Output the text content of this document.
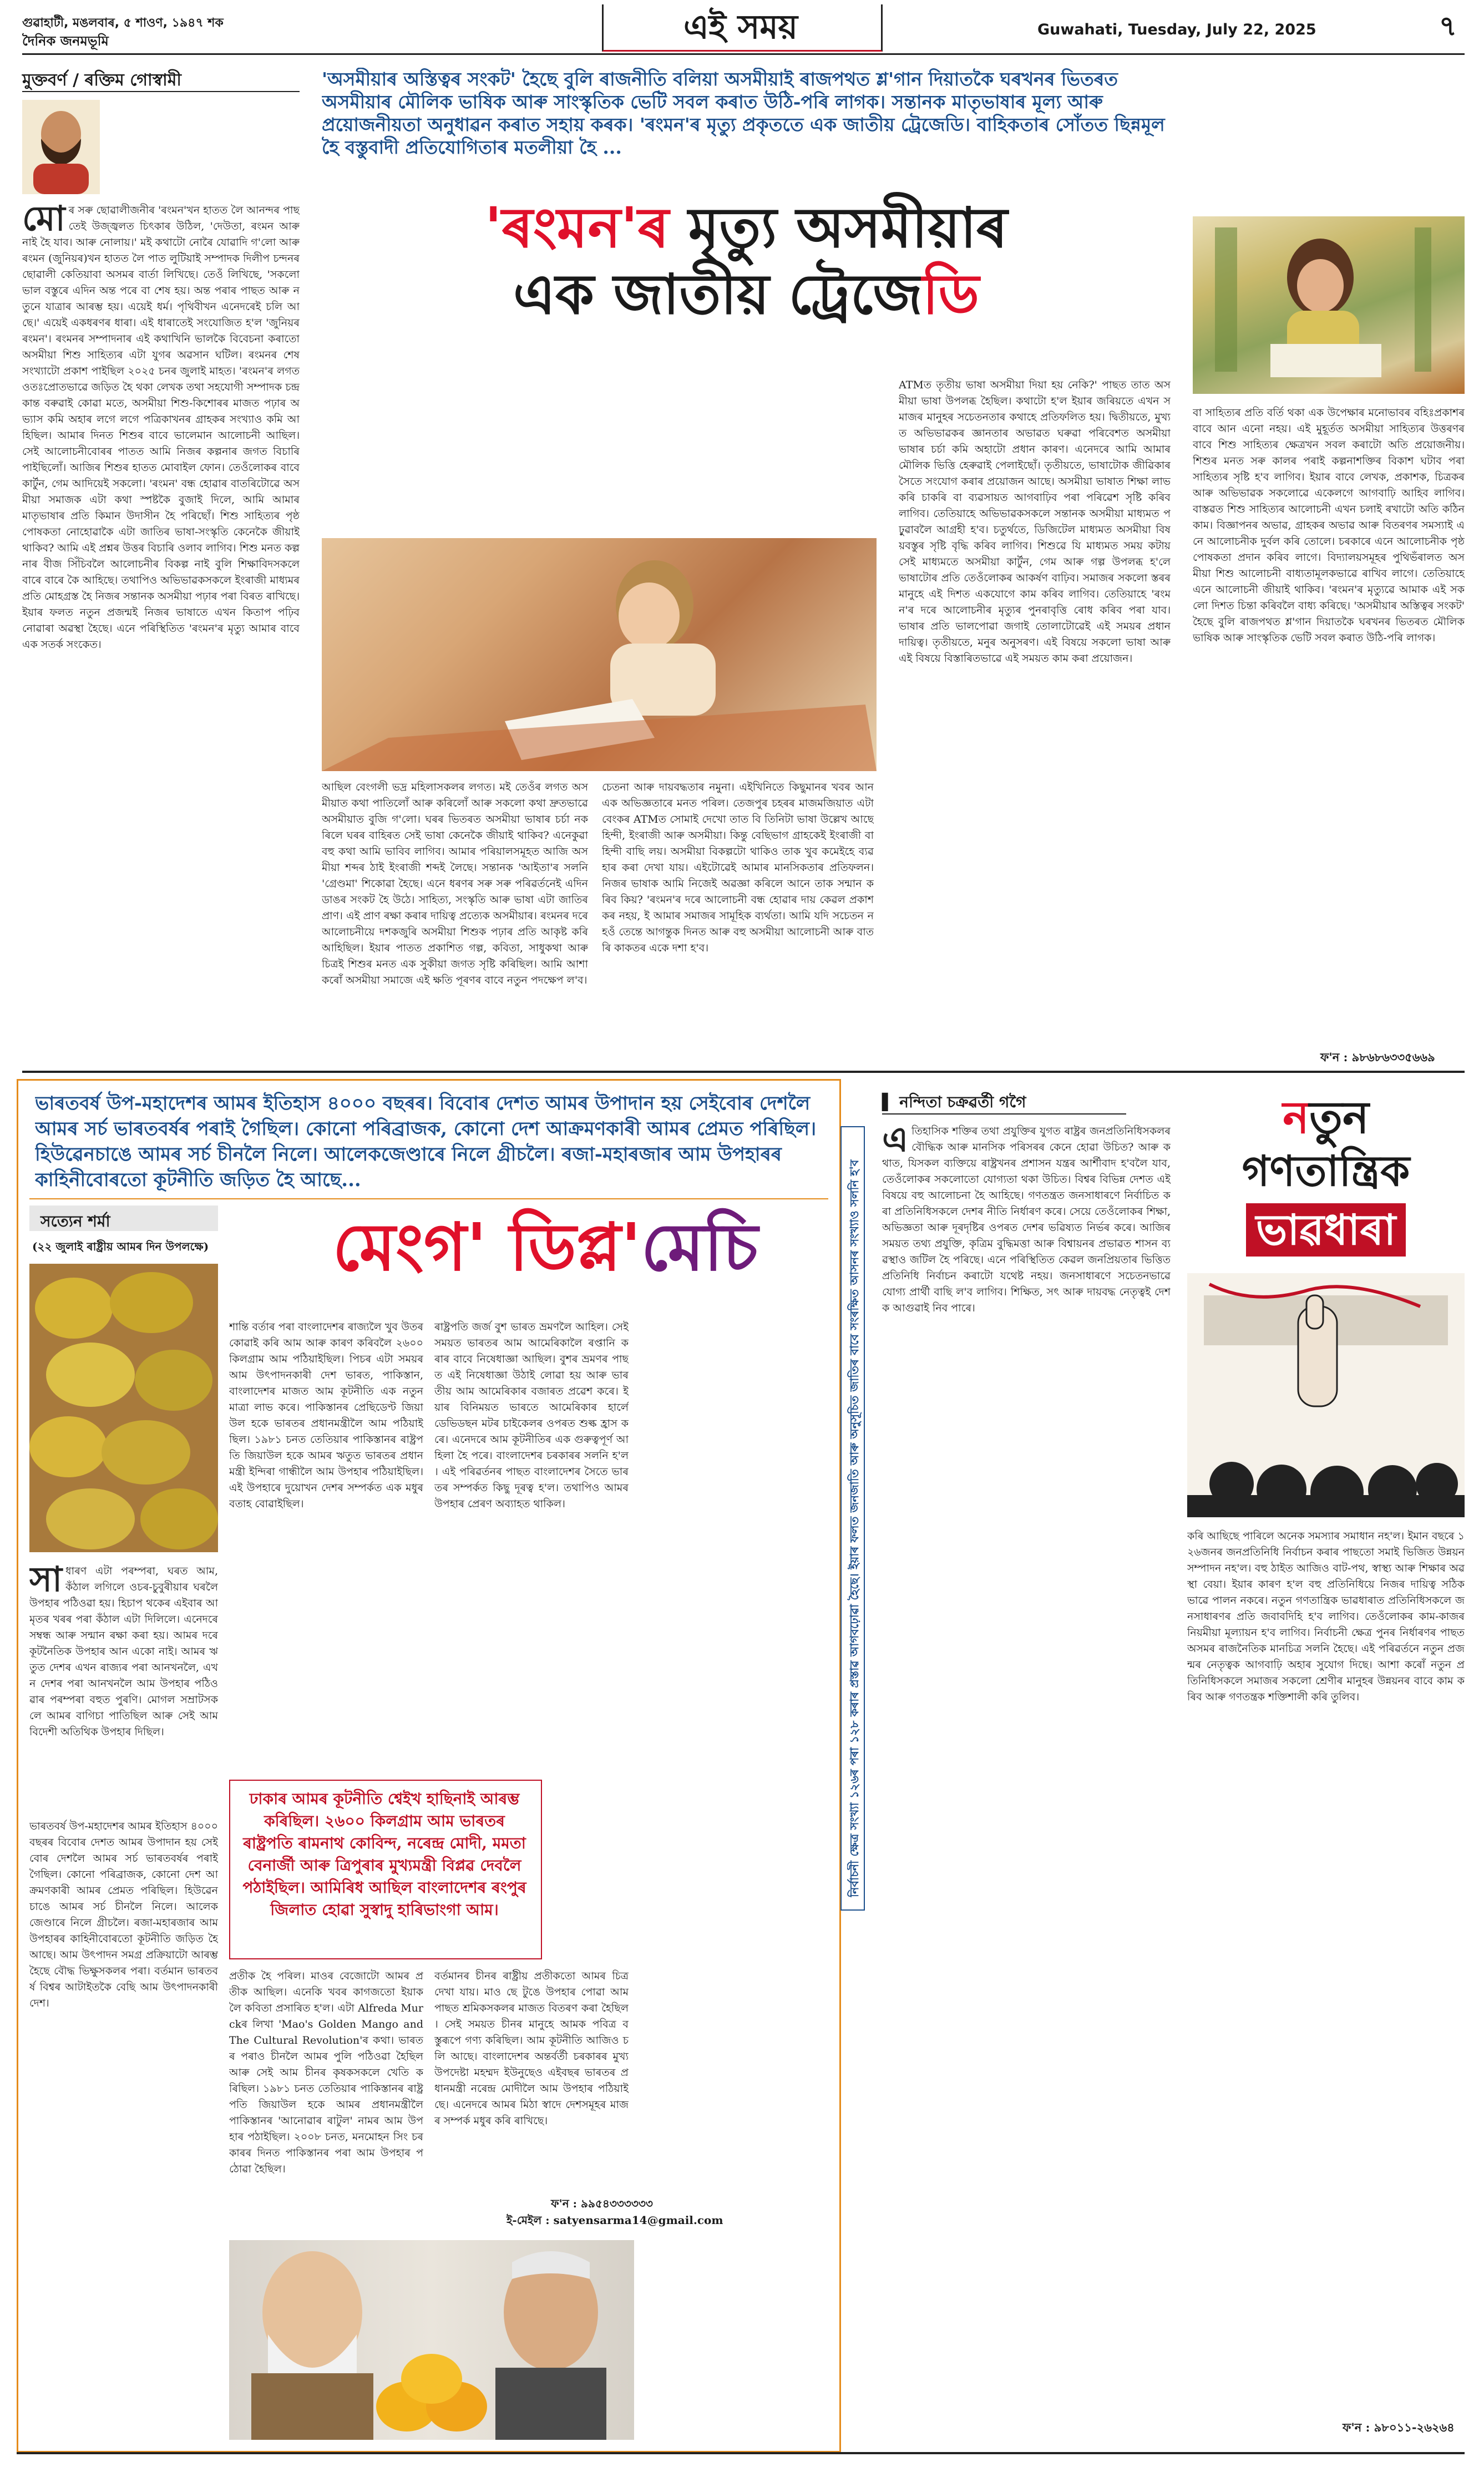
গুৱাহাটী, মঙলবাৰ, ৫ শাওণ, ১৯৪৭ শক
দৈনিক জনমভূমি	এই সময়	Guwahati, Tuesday, July 22, 2025	৭
মুক্তবৰ্ণ / ৰক্তিম গোস্বামী	'অসমীয়াৰ অস্তিত্বৰ সংকট' হৈছে বুলি ৰাজনীতি বলিয়া অসমীয়াই ৰাজপথত শ্ল'গান দিয়াতকৈ ঘৰখনৰ ভিতৰত অসমীয়াৰ মৌলিক ভাষিক আৰু সাংস্কৃতিক ভেটি সবল কৰাত উঠি-পৰি লাগক। সন্তানক মাতৃভাষাৰ মূল্য আৰু প্ৰয়োজনীয়তা অনুধাৱন কৰাত সহায় কৰক। 'ৰংমন'ৰ মৃত্যু প্ৰকৃততে এক জাতীয় ট্ৰেজেডি। বাহিকতাৰ সোঁতত ছিন্নমূল হৈ বস্তুবাদী প্ৰতিযোগিতাৰ মতলীয়া হৈ ...
'ৰংমন'ৰ মৃত্যু অসমীয়াৰ
এক জাতীয় ট্ৰেজেডি
মোৰ সৰু ছোৱালীজনীৰ 'ৰংমন'খন হাতত লৈ আনন্দৰ পাছতেই উজ্জ্বলত চিৎকাৰ উঠিল, 'দেউতা, ৰংমন আৰু নাই হৈ যাব। আৰু নোলায়।' মই কথাটো নোৰৈ যোৱাদি গ'লো আৰু ৰংমন (জুনিয়ৰ)খন হাতত লৈ পাত লুটিয়াই সম্পাদক দিলীপ চন্দনৰ ছোৱালী কেতিয়াবা অসমৰ বাৰ্তা লিখিছে। তেওঁ লিখিছে, 'সকলো ভাল বস্তুৰে এদিন অন্ত পৰে বা শেষ হয়। অন্ত পৰাৰ পাছত আৰু নতুনে যাত্ৰাৰ আৰম্ভ হয়। এয়েই ধৰ্ম। পৃথিবীখন এনেদৰেই চলি আছে।' এয়েই একধৰণৰ ধাৰা। এই ধাৰাতেই সংযোজিত হ'ল 'জুনিয়ৰ ৰংমন'। ৰংমনৰ সম্পাদনাৰ এই কথাখিনি ভালকৈ বিবেচনা কৰাতো অসমীয়া শিশু সাহিত্যৰ এটা যুগৰ অৱসান ঘটিল। ৰংমনৰ শেষ সংখ্যাটো প্ৰকাশ পাইছিল ২০২৫ চনৰ জুলাই মাহত। 'ৰংমন'ৰ লগত ওতঃপ্ৰোতভাৱে জড়িত হৈ থকা লেখক তথা সহযোগী সম্পাদক চন্দ্ৰকান্ত বৰুৱাই কোৱা মতে, অসমীয়া শিশু-কিশোৰৰ মাজত পঢ়াৰ অভ্যাস কমি অহাৰ লগে লগে পত্ৰিকাখনৰ গ্ৰাহকৰ সংখ্যাও কমি আহিছিল। আমাৰ দিনত শিশুৰ বাবে ভালেমান আলোচনী আছিল। সেই আলোচনীবোৰৰ পাতত আমি নিজৰ কল্পনাৰ জগত বিচাৰি পাইছিলোঁ। আজিৰ শিশুৰ হাতত মোবাইল ফোন। তেওঁলোকৰ বাবে কাৰ্টুন, গেম আদিয়েই সকলো। 'ৰংমন' বন্ধ হোৱাৰ বাতৰিটোৱে অসমীয়া সমাজক এটা কথা স্পষ্টকৈ বুজাই দিলে, আমি আমাৰ মাতৃভাষাৰ প্ৰতি কিমান উদাসীন হৈ পৰিছোঁ। শিশু সাহিত্যৰ পৃষ্ঠপোষকতা নোহোৱাকৈ এটা জাতিৰ ভাষা-সংস্কৃতি কেনেকৈ জীয়াই থাকিব? আমি এই প্ৰশ্নৰ উত্তৰ বিচাৰি ওলাব লাগিব। শিশু মনত কল্পনাৰ বীজ সিঁচিবলৈ আলোচনীৰ বিকল্প নাই বুলি শিক্ষাবিদসকলে বাৰে বাৰে কৈ আহিছে। তথাপিও অভিভাৱকসকলে ইংৰাজী মাধ্যমৰ প্ৰতি মোহগ্ৰস্ত হৈ নিজৰ সন্তানক অসমীয়া পঢ়াৰ পৰা বিৰত ৰাখিছে। ইয়াৰ ফলত নতুন প্ৰজন্মই নিজৰ ভাষাতে এখন কিতাপ পঢ়িব নোৱাৰা অৱস্থা হৈছে। এনে পৰিস্থিতিত 'ৰংমন'ৰ মৃত্যু আমাৰ বাবে এক সতৰ্ক সংকেত।
আছিল বেংগলী ভদ্ৰ মহিলাসকলৰ লগত। মই তেওঁৰ লগত অসমীয়াত কথা পাতিলোঁ আৰু কৰিলোঁ আৰু সকলো কথা দ্ৰুতভাৱে অসমীয়াত বুজি গ'লো। ঘৰৰ ভিতৰত অসমীয়া ভাষাৰ চৰ্চা নকৰিলে ঘৰৰ বাহিৰত সেই ভাষা কেনেকৈ জীয়াই থাকিব? এনেকুৱা বহু কথা আমি ভাবিব লাগিব। আমাৰ পৰিয়ালসমূহত আজি অসমীয়া শব্দৰ ঠাই ইংৰাজী শব্দই লৈছে। সন্তানক 'আইতা'ৰ সলনি 'গ্ৰেণ্ডমা' শিকোৱা হৈছে। এনে ধৰণৰ সৰু সৰু পৰিৱৰ্তনেই এদিন ডাঙৰ সংকট হৈ উঠে। সাহিত্য, সংস্কৃতি আৰু ভাষা এটা জাতিৰ প্ৰাণ। এই প্ৰাণ ৰক্ষা কৰাৰ দায়িত্ব প্ৰত্যেক অসমীয়াৰ। ৰংমনৰ দৰে আলোচনীয়ে দশকজুৰি অসমীয়া শিশুক পঢ়াৰ প্ৰতি আকৃষ্ট কৰি আহিছিল। ইয়াৰ পাতত প্ৰকাশিত গল্প, কবিতা, সাধুকথা আৰু চিত্ৰই শিশুৰ মনত এক সুকীয়া জগত সৃষ্টি কৰিছিল। আমি আশা কৰোঁ অসমীয়া সমাজে এই ক্ষতি পূৰণৰ বাবে নতুন পদক্ষেপ ল'ব।
চেতনা আৰু দায়বদ্ধতাৰ নমুনা। এইখিনিতে কিছুমানৰ খবৰ আন এক অভিজ্ঞতাৰে মনত পৰিল। তেজপুৰ চহৰৰ মাজমজিয়াত এটা বেংকৰ ATMত সোমাই দেখো তাত বি তিনিটা ভাষা উল্লেখ আছে হিন্দী, ইংৰাজী আৰু অসমীয়া। কিন্তু বেছিভাগ গ্ৰাহকেই ইংৰাজী বা হিন্দী বাছি লয়। অসমীয়া বিকল্পটো থাকিও তাক খুব কমেইহে ব্যৱহাৰ কৰা দেখা যায়। এইটোৱেই আমাৰ মানসিকতাৰ প্ৰতিফলন। নিজৰ ভাষাক আমি নিজেই অৱজ্ঞা কৰিলে আনে তাক সন্মান কৰিব কিয়? 'ৰংমন'ৰ দৰে আলোচনী বন্ধ হোৱাৰ দায় কেৱল প্ৰকাশকৰ নহয়, ই আমাৰ সমাজৰ সামূহিক ব্যৰ্থতা। আমি যদি সচেতন নহওঁ তেন্তে আগন্তুক দিনত আৰু বহু অসমীয়া আলোচনী আৰু বাতৰি কাকতৰ একে দশা হ'ব।
ATMত তৃতীয় ভাষা অসমীয়া দিয়া হয় নেকি?' পাছত তাত অসমীয়া ভাষা উপলব্ধ হৈছিল। কথাটো হ'ল ইয়াৰ জৰিয়তে এখন সমাজৰ মানুহৰ সচেতনতাৰ কথাহে প্ৰতিফলিত হয়। দ্বিতীয়তে, মুখ্যত অভিভাৱকৰ জ্ঞানতাৰ অভাৱত ঘৰুৱা পৰিবেশত অসমীয়া ভাষাৰ চৰ্চা কমি অহাটো প্ৰধান কাৰণ। এনেদৰে আমি আমাৰ মৌলিক ভিত্তি হেৰুৱাই পেলাইছোঁ। তৃতীয়তে, ভাষাটোক জীৱিকাৰ সৈতে সংযোগ কৰাৰ প্ৰয়োজন আছে। অসমীয়া ভাষাত শিক্ষা লাভ কৰি চাকৰি বা ব্যৱসায়ত আগবাঢ়িব পৰা পৰিৱেশ সৃষ্টি কৰিব লাগিব। তেতিয়াহে অভিভাৱকসকলে সন্তানক অসমীয়া মাধ্যমত পঢ়ুৱাবলৈ আগ্ৰহী হ'ব। চতুৰ্থতে, ডিজিটেল মাধ্যমত অসমীয়া বিষয়বস্তুৰ সৃষ্টি বৃদ্ধি কৰিব লাগিব। শিশুৱে যি মাধ্যমত সময় কটায় সেই মাধ্যমতে অসমীয়া কাৰ্টুন, গেম আৰু গল্প উপলব্ধ হ'লে ভাষাটোৰ প্ৰতি তেওঁলোকৰ আকৰ্ষণ বাঢ়িব। সমাজৰ সকলো স্তৰৰ মানুহে এই দিশত একযোগে কাম কৰিব লাগিব। তেতিয়াহে 'ৰংমন'ৰ দৰে আলোচনীৰ মৃত্যুৰ পুনৰাবৃত্তি ৰোধ কৰিব পৰা যাব। ভাষাৰ প্ৰতি ভালপোৱা জগাই তোলাটোৱেই এই সময়ৰ প্ৰধান দায়িত্ব। তৃতীয়তে, মনুৰ অনুসৰণ। এই বিষয়ে সকলো ভাষা আৰু এই বিষয়ে বিস্তাৰিতভাৱে এই সময়ত কাম কৰা প্ৰয়োজন।
বা সাহিত্যৰ প্ৰতি বৰ্তি থকা এক উপেক্ষাৰ মনোভাবৰ বহিঃপ্ৰকাশৰ বাবে আন এনো নহয়। এই মুহূৰ্তত অসমীয়া সাহিত্যৰ উত্তৰণৰ বাবে শিশু সাহিত্যৰ ক্ষেত্ৰখন সবল কৰাটো অতি প্ৰয়োজনীয়। শিশুৰ মনত সৰু কালৰ পৰাই কল্পনাশক্তিৰ বিকাশ ঘটাব পৰা সাহিত্যৰ সৃষ্টি হ'ব লাগিব। ইয়াৰ বাবে লেখক, প্ৰকাশক, চিত্ৰকৰ আৰু অভিভাৱক সকলোৱে একেলগে আগবাঢ়ি আহিব লাগিব। বাস্তৱত শিশু সাহিত্যৰ আলোচনী এখন চলাই ৰখাটো অতি কঠিন কাম। বিজ্ঞাপনৰ অভাৱ, গ্ৰাহকৰ অভাৱ আৰু বিতৰণৰ সমস্যাই এনে আলোচনীক দুৰ্বল কৰি তোলে। চৰকাৰে এনে আলোচনীক পৃষ্ঠপোষকতা প্ৰদান কৰিব লাগে। বিদ্যালয়সমূহৰ পুথিভঁৰালত অসমীয়া শিশু আলোচনী বাধ্যতামূলকভাৱে ৰাখিব লাগে। তেতিয়াহে এনে আলোচনী জীয়াই থাকিব। 'ৰংমন'ৰ মৃত্যুৱে আমাক এই সকলো দিশত চিন্তা কৰিবলৈ বাধ্য কৰিছে। 'অসমীয়াৰ অস্তিত্বৰ সংকট' হৈছে বুলি ৰাজপথত শ্ল'গান দিয়াতকৈ ঘৰখনৰ ভিতৰত মৌলিক ভাষিক আৰু সাংস্কৃতিক ভেটি সবল কৰাত উঠি-পৰি লাগক।
ফ'ন : ৯৮৬৮৬৩৩৫৬৬৯
ভাৰতবৰ্ষ উপ-মহাদেশৰ আমৰ ইতিহাস ৪০০০ বছৰৰ। বিবোৰ দেশত আমৰ উপাদান হয় সেইবোৰ দেশলৈ আমৰ সৰ্চ ভাৰতবৰ্ষৰ পৰাই গৈছিল। কোনো পৰিব্ৰাজক, কোনো দেশ আক্ৰমণকাৰী আমৰ প্ৰেমত পৰিছিল। হিউৱেনচাঙে আমৰ সৰ্চ চীনলৈ নিলে। আলেকজেণ্ডাৰে নিলে গ্ৰীচলৈ। ৰজা-মহাৰজাৰ আম উপহাৰৰ কাহিনীবোৰতো কূটনীতি জড়িত হৈ আছে...
সত্যেন শৰ্মা
(২২ জুলাই ৰাষ্ট্ৰীয় আমৰ দিন উপলক্ষে)	মেংগ' ডিপ্ল'মেচি
সাধাৰণ এটা পৰম্পৰা, ঘৰত আম, কঁঠাল লগিলে ওচৰ-চুবুৰীয়াৰ ঘৰলৈ উপহাৰ পঠিওৱা হয়। হিচাপ থকেৰ এইবাৰ আমৃতৰ খৰৰ পৰা কঁঠাল এটা দিলিলে। এনেদৰে সম্বন্ধ আৰু সন্মান ৰক্ষা কৰা হয়। আমৰ দৰে কূটনৈতিক উপহাৰ আন একো নাই। আমৰ ঋতুত দেশৰ এখন ৰাজ্যৰ পৰা আনখনলৈ, এখন দেশৰ পৰা আনখনলৈ আম উপহাৰ পঠিওৱাৰ পৰম্পৰা বহুত পুৰণি। মোগল সম্ৰাটসকলে আমৰ বাগিচা পাতিছিল আৰু সেই আম বিদেশী অতিথিক উপহাৰ দিছিল।
ঢাকাৰ আমৰ কূটনীতি শ্বেইখ হাছিনাই আৰম্ভ কৰিছিল। ২৬০০ কিলগ্ৰাম আম ভাৰতৰ ৰাষ্ট্ৰপতি ৰামনাথ কোবিন্দ, নৰেন্দ্ৰ মোদী, মমতা বেনাৰ্জী আৰু ত্ৰিপুৰাৰ মুখ্যমন্ত্ৰী বিপ্লৱ দেবলৈ পঠাইছিল। আমিৰিধ আছিল বাংলাদেশৰ ৰংপুৰ জিলাত হোৱা সুস্বাদু হাৰিভাংগা আম।
ভাৰতবৰ্ষ উপ-মহাদেশৰ আমৰ ইতিহাস ৪০০০ বছৰৰ বিবোৰ দেশত আমৰ উপাদান হয় সেইবোৰ দেশলৈ আমৰ সৰ্চ ভাৰতবৰ্ষৰ পৰাই গৈছিল। কোনো পৰিব্ৰাজক, কোনো দেশ আক্ৰমণকাৰী আমৰ প্ৰেমত পৰিছিল। হিউৱেনচাঙে আমৰ সৰ্চ চীনলৈ নিলে। আলেকজেণ্ডাৰে নিলে গ্ৰীচলৈ। ৰজা-মহাৰজাৰ আম উপহাৰৰ কাহিনীবোৰতো কূটনীতি জড়িত হৈ আছে। আম উৎপাদন সমগ্ৰ প্ৰক্ৰিয়াটো আৰম্ভ হৈছে বৌদ্ধ ভিক্ষুসকলৰ পৰা। বৰ্তমান ভাৰতবৰ্ষ বিশ্বৰ আটাইতকৈ বেছি আম উৎপাদনকাৰী দেশ।
শান্তি বৰ্তাৰ পৰা বাংলাদেশৰ ৰাজ্যলৈ খুব উতৰ কোৱাই কৰি আম আৰু কাৰণ কৰিবলৈ ২৬০০ কিলগ্ৰাম আম পঠিয়াইছিল। পিচৰ এটা সময়ৰ আম উৎপাদনকাৰী দেশ ভাৰত, পাকিস্তান, বাংলাদেশৰ মাজত আম কূটনীতি এক নতুন মাত্ৰা লাভ কৰে। পাকিস্তানৰ প্ৰেছিডেণ্ট জিয়া উল হকে ভাৰতৰ প্ৰধানমন্ত্ৰীলৈ আম পঠিয়াইছিল। ১৯৮১ চনত তেতিয়াৰ পাকিস্তানৰ ৰাষ্ট্ৰপতি জিয়াউল হকে আমৰ ঋতুত ভাৰতৰ প্ৰধানমন্ত্ৰী ইন্দিৰা গান্ধীলৈ আম উপহাৰ পঠিয়াইছিল। এই উপহাৰে দুয়োখন দেশৰ সম্পৰ্কত এক মধুৰ বতাহ বোৱাইছিল।
ৰাষ্ট্ৰপতি জৰ্জ বুশ ভাৰত ভ্ৰমণলৈ আহিল। সেই সময়ত ভাৰতৰ আম আমেৰিকালৈ ৰপ্তানি কৰাৰ বাবে নিষেধাজ্ঞা আছিল। বুশৰ ভ্ৰমণৰ পাছত এই নিষেধাজ্ঞা উঠাই লোৱা হয় আৰু ভাৰতীয় আম আমেৰিকাৰ বজাৰত প্ৰৱেশ কৰে। ইয়াৰ বিনিময়ত ভাৰতে আমেৰিকাৰ হাৰ্লে ডেভিডছন মটৰ চাইকেলৰ ওপৰত শুল্ক হ্ৰাস কৰে। এনেদৰে আম কূটনীতিৰ এক গুৰুত্বপূৰ্ণ আহিলা হৈ পৰে। বাংলাদেশৰ চৰকাৰৰ সলনি হ'ল। এই পৰিৱৰ্তনৰ পাছত বাংলাদেশৰ সৈতে ভাৰতৰ সম্পৰ্কত কিছু দূৰত্ব হ'ল। তথাপিও আমৰ উপহাৰ প্ৰেৰণ অব্যাহত থাকিল।
প্ৰতীক হৈ পৰিল। মাওৰ বেজোটো আমৰ প্ৰতীক আছিল। এনেকি খবৰ কাগজতো ইয়াক লৈ কবিতা প্ৰসাৰিত হ'ল। এটা Alfreda Murckৰ লিখা 'Mao's Golden Mango and The Cultural Revolution'ৰ কথা। ভাৰতৰ পৰাও চীনলৈ আমৰ পুলি পঠিওৱা হৈছিল আৰু সেই আম চীনৰ কৃষকসকলে খেতি কৰিছিল। ১৯৮১ চনত তেতিয়াৰ পাকিস্তানৰ ৰাষ্ট্ৰপতি জিয়াউল হকে আমৰ প্ৰধানমন্ত্ৰীলৈ পাকিস্তানৰ 'আনোৱাৰ ৰাটুল' নামৰ আম উপহাৰ পঠাইছিল। ২০০৮ চনত, মনমোহন সিং চৰকাৰৰ দিনত পাকিস্তানৰ পৰা আম উপহাৰ পঠোৱা হৈছিল।
বৰ্তমানৰ চীনৰ ৰাষ্ট্ৰীয় প্ৰতীকতো আমৰ চিত্ৰ দেখা যায়। মাও ছে টুঙে উপহাৰ পোৱা আম পাছত শ্ৰমিকসকলৰ মাজত বিতৰণ কৰা হৈছিল। সেই সময়ত চীনৰ মানুহে আমক পবিত্ৰ বস্তুৰূপে গণ্য কৰিছিল। আম কূটনীতি আজিও চলি আছে। বাংলাদেশৰ অন্তৰ্বৰ্তী চৰকাৰৰ মুখ্য উপদেষ্টা মহম্মদ ইউনুছেও এইবছৰ ভাৰতৰ প্ৰধানমন্ত্ৰী নৰেন্দ্ৰ মোদীলৈ আম উপহাৰ পঠিয়াইছে। এনেদৰে আমৰ মিঠা স্বাদে দেশসমূহৰ মাজৰ সম্পৰ্ক মধুৰ কৰি ৰাখিছে।
ফ'ন : ৯৯৫৪৩৩৩৩৩৩
ই-মেইল : satyensarma14@gmail.com
নিৰ্বাচনী ক্ষেত্ৰ সংখ্যা ১২৬ৰ পৰা ১২৮ কৰাৰ প্ৰস্তাৱ আগবঢ়োৱা হৈছে। ইয়াৰ ফলত জনজাতি আৰু অনুসূচিত জাতিৰ বাবে সংৰক্ষিত আসনৰ সংখ্যাও সলনি হ'ব
▌ নন্দিতা চক্ৰৱৰ্তী গগৈ	নতুন
গণতান্ত্ৰিক
ভাৱধাৰা
এতিহাসিক শক্তিৰ তথা প্ৰযুক্তিৰ যুগত ৰাষ্ট্ৰৰ জনপ্ৰতিনিধিসকলৰ বৌদ্ধিক আৰু মানসিক পৰিসৰৰ কেনে হোৱা উচিত? আৰু কথাত, যিসকল ব্যক্তিয়ে ৰাষ্ট্ৰখনৰ প্ৰশাসন যন্ত্ৰৰ আৰ্শীবাদ হ'বলৈ যাব, তেওঁলোকৰ সকলোতো যোগ্যতা থকা উচিত। বিশ্বৰ বিভিন্ন দেশত এই বিষয়ে বহু আলোচনা হৈ আহিছে। গণতন্ত্ৰত জনসাধাৰণে নিৰ্বাচিত কৰা প্ৰতিনিধিসকলে দেশৰ নীতি নিৰ্ধাৰণ কৰে। সেয়ে তেওঁলোকৰ শিক্ষা, অভিজ্ঞতা আৰু দূৰদৃষ্টিৰ ওপৰত দেশৰ ভৱিষ্যত নিৰ্ভৰ কৰে। আজিৰ সময়ত তথ্য প্ৰযুক্তি, কৃত্ৰিম বুদ্ধিমত্তা আৰু বিশ্বায়নৰ প্ৰভাৱত শাসন ব্যৱস্থাও জটিল হৈ পৰিছে। এনে পৰিস্থিতিত কেৱল জনপ্ৰিয়তাৰ ভিত্তিত প্ৰতিনিধি নিৰ্বাচন কৰাটো যথেষ্ট নহয়। জনসাধাৰণে সচেতনভাৱে যোগ্য প্ৰাৰ্থী বাছি ল'ব লাগিব। শিক্ষিত, সৎ আৰু দায়বদ্ধ নেতৃত্বই দেশক আগুৱাই নিব পাৰে।
কৰি আছিছে পাৰিলে অনেক সমস্যাৰ সমাধান নহ'ল। ইমান বছৰে ১২৬জনৰ জনপ্ৰতিনিধি নিৰ্বাচন কৰাৰ পাছতো সমাই ভিজিত উন্নয়ন সম্পাদন নহ'ল। বহু ঠাইত আজিও বাট-পথ, স্বাস্থ্য আৰু শিক্ষাৰ অৱস্থা বেয়া। ইয়াৰ কাৰণ হ'ল বহু প্ৰতিনিধিয়ে নিজৰ দায়িত্ব সঠিকভাৱে পালন নকৰে। নতুন গণতান্ত্ৰিক ভাৱধাৰাত প্ৰতিনিধিসকলে জনসাধাৰণৰ প্ৰতি জবাবদিহি হ'ব লাগিব। তেওঁলোকৰ কাম-কাজৰ নিয়মীয়া মূল্যায়ন হ'ব লাগিব। নিৰ্বাচনী ক্ষেত্ৰ পুনৰ নিৰ্ধাৰণৰ পাছত অসমৰ ৰাজনৈতিক মানচিত্ৰ সলনি হৈছে। এই পৰিৱৰ্তনে নতুন প্ৰজন্মৰ নেতৃত্বক আগবাঢ়ি অহাৰ সুযোগ দিছে। আশা কৰোঁ নতুন প্ৰতিনিধিসকলে সমাজৰ সকলো শ্ৰেণীৰ মানুহৰ উন্নয়নৰ বাবে কাম কৰিব আৰু গণতন্ত্ৰক শক্তিশালী কৰি তুলিব।
ফ'ন : ৯৮০১১-২৬২৬৪
